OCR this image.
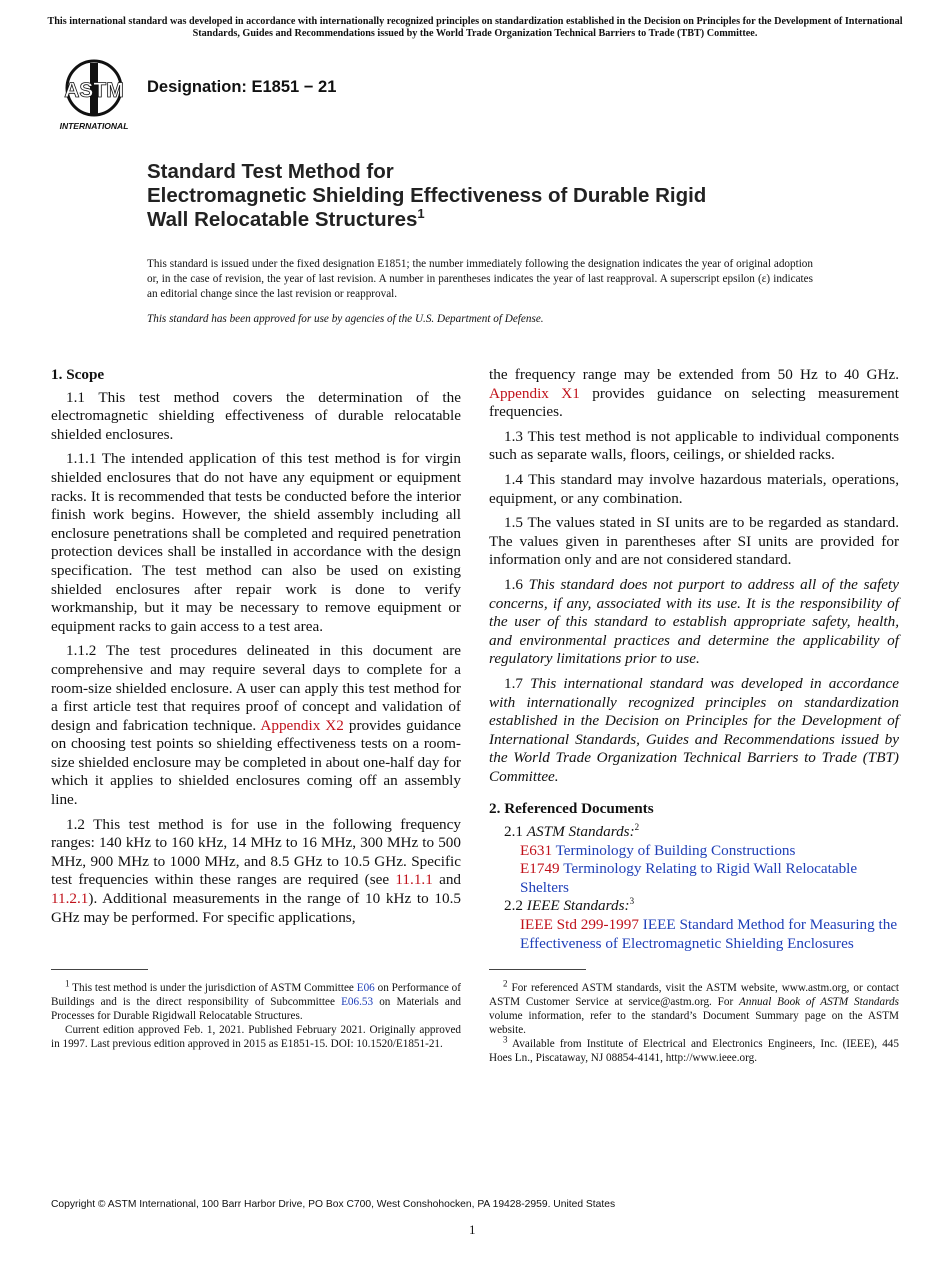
This international standard was developed in accordance with internationally recognized principles on standardization established in the Decision on Principles for the Development of International Standards, Guides and Recommendations issued by the World Trade Organization Technical Barriers to Trade (TBT) Committee.
ASTM
INTERNATIONAL
Designation: E1851 − 21
Standard Test Method for
Electromagnetic Shielding Effectiveness of Durable Rigid
Wall Relocatable Structures$^1$
This standard is issued under the fixed designation E1851; the number immediately following the designation indicates the year of original adoption or, in the case of revision, the year of last revision. A number in parentheses indicates the year of last reapproval. A superscript epsilon (ε) indicates an editorial change since the last revision or reapproval.
This standard has been approved for use by agencies of the U.S. Department of Defense.
1. Scope

1.1 This test method covers the determination of the electromagnetic shielding effectiveness of durable relocatable shielded enclosures.

1.1.1 The intended application of this test method is for virgin shielded enclosures that do not have any equipment or equipment racks. It is recommended that tests be conducted before the interior finish work begins. However, the shield assembly including all enclosure penetrations shall be completed and required penetration protection devices shall be installed in accordance with the design specification. The test method can also be used on existing shielded enclosures after repair work is done to verify workmanship, but it may be necessary to remove equipment or equipment racks to gain access to a test area.

1.1.2 The test procedures delineated in this document are comprehensive and may require several days to complete for a room-size shielded enclosure. A user can apply this test method for a first article test that requires proof of concept and validation of design and fabrication technique. Appendix X2 provides guidance on choosing test points so shielding effectiveness tests on a room-size shielded enclosure may be completed in about one-half day for which it applies to shielded enclosures coming off an assembly line.

1.2 This test method is for use in the following frequency ranges: 140 kHz to 160 kHz, 14 MHz to 16 MHz, 300 MHz to 500 MHz, 900 MHz to 1000 MHz, and 8.5 GHz to 10.5 GHz. Specific test frequencies within these ranges are required (see 11.1.1 and 11.2.1). Additional measurements in the range of 10 kHz to 10.5 GHz may be performed. For specific applications,

$^1$ This test method is under the jurisdiction of ASTM Committee E06 on Performance of Buildings and is the direct responsibility of Subcommittee E06.53 on Materials and Processes for Durable Rigidwall Relocatable Structures.

Current edition approved Feb. 1, 2021. Published February 2021. Originally approved in 1997. Last previous edition approved in 2015 as E1851-15. DOI: 10.1520/E1851-21.

the frequency range may be extended from 50 Hz to 40 GHz. Appendix X1 provides guidance on selecting measurement frequencies.

1.3 This test method is not applicable to individual components such as separate walls, floors, ceilings, or shielded racks.

1.4 This standard may involve hazardous materials, operations, equipment, or any combination.

1.5 The values stated in SI units are to be regarded as standard. The values given in parentheses after SI units are provided for information only and are not considered standard.

1.6 This standard does not purport to address all of the safety concerns, if any, associated with its use. It is the responsibility of the user of this standard to establish appropriate safety, health, and environmental practices and determine the applicability of regulatory limitations prior to use.

1.7 This international standard was developed in accordance with internationally recognized principles on standardization established in the Decision on Principles for the Development of International Standards, Guides and Recommendations issued by the World Trade Organization Technical Barriers to Trade (TBT) Committee.

2. Referenced Documents

2.1 ASTM Standards:$^2$

E631 Terminology of Building Constructions

E1749 Terminology Relating to Rigid Wall Relocatable Shelters

2.2 IEEE Standards:$^3$

IEEE Std 299-1997 IEEE Standard Method for Measuring the Effectiveness of Electromagnetic Shielding Enclosures

$^2$ For referenced ASTM standards, visit the ASTM website, www.astm.org, or contact ASTM Customer Service at service@astm.org. For Annual Book of ASTM Standards volume information, refer to the standard’s Document Summary page on the ASTM website.

$^3$ Available from Institute of Electrical and Electronics Engineers, Inc. (IEEE), 445 Hoes Ln., Piscataway, NJ 08854-4141, http://www.ieee.org.

Copyright © ASTM International, 100 Barr Harbor Drive, PO Box C700, West Conshohocken, PA 19428-2959. United States
1
